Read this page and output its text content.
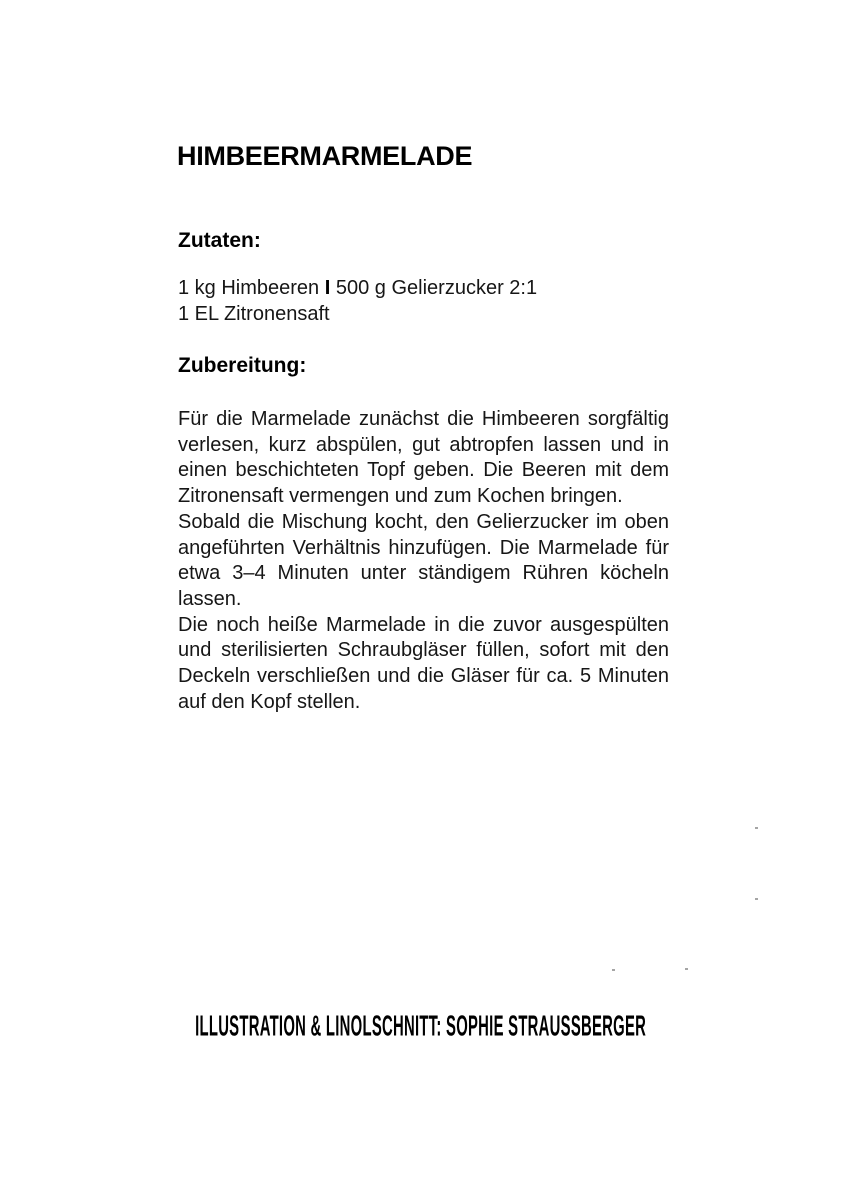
HIMBEERMARMELADE
Zutaten:
1 kg Himbeeren I 500 g Gelierzucker 2:1
1 EL Zitronensaft
Zubereitung:
Für die Marmelade zunächst die Himbeeren sorgfältig
verlesen, kurz abspülen, gut abtropfen lassen und in
einen beschichteten Topf geben. Die Beeren mit dem
Zitronensaft vermengen und zum Kochen bringen.
Sobald die Mischung kocht, den Gelierzucker im oben
angeführten Verhältnis hinzufügen. Die Marmelade für
etwa 3–4 Minuten unter ständigem Rühren köcheln
lassen.
Die noch heiße Marmelade in die zuvor ausgespülten
und sterilisierten Schraubgläser füllen, sofort mit den
Deckeln verschließen und die Gläser für ca. 5 Minuten
auf den Kopf stellen.
ILLUSTRATION & LINOLSCHNITT: SOPHIE STRAUSSBERGER
